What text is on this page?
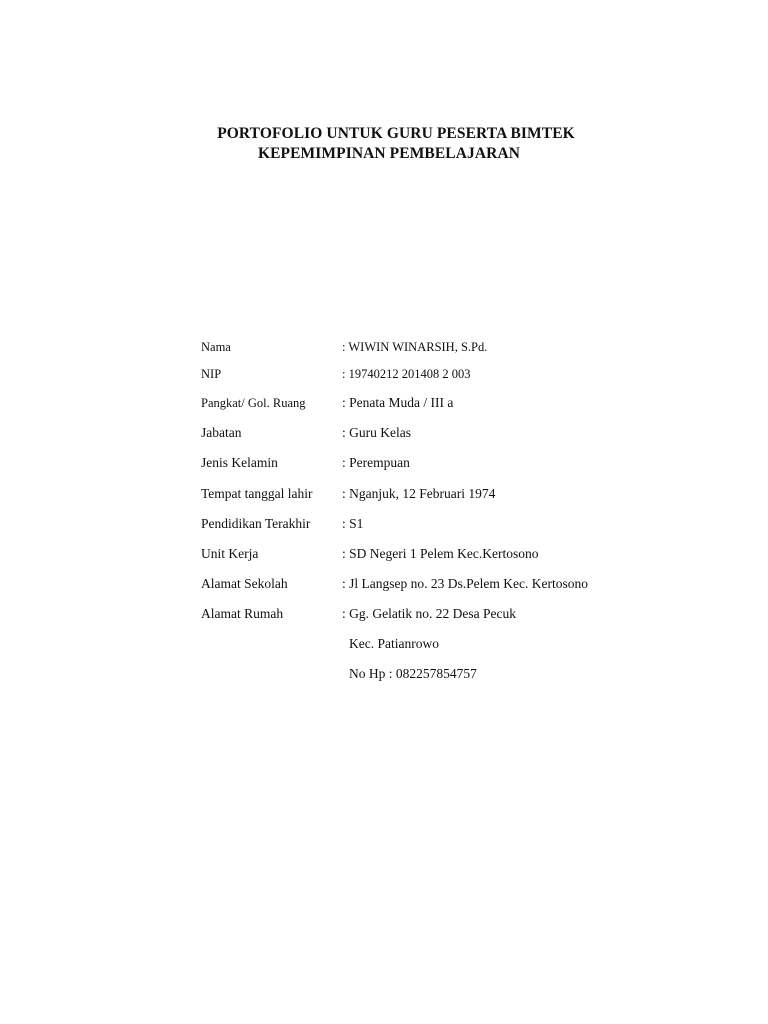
PORTOFOLIO UNTUK GURU PESERTA BIMTEK
KEPEMIMPINAN PEMBELAJARAN
Nama	: WIWIN WINARSIH, S.Pd.
NIP	: 19740212 201408 2 003
Pangkat/ Gol. Ruang	: Penata Muda / III a
Jabatan	: Guru Kelas
Jenis Kelamin	: Perempuan
Tempat tanggal lahir : Nganjuk, 12 Februari 1974
Pendidikan Terakhir : S1
Unit Kerja	: SD Negeri 1 Pelem Kec.Kertosono
Alamat Sekolah	: Jl Langsep no. 23 Ds.Pelem Kec. Kertosono
Alamat Rumah	: Gg. Gelatik no. 22 Desa Pecuk
Kec. Patianrowo
No Hp : 082257854757
